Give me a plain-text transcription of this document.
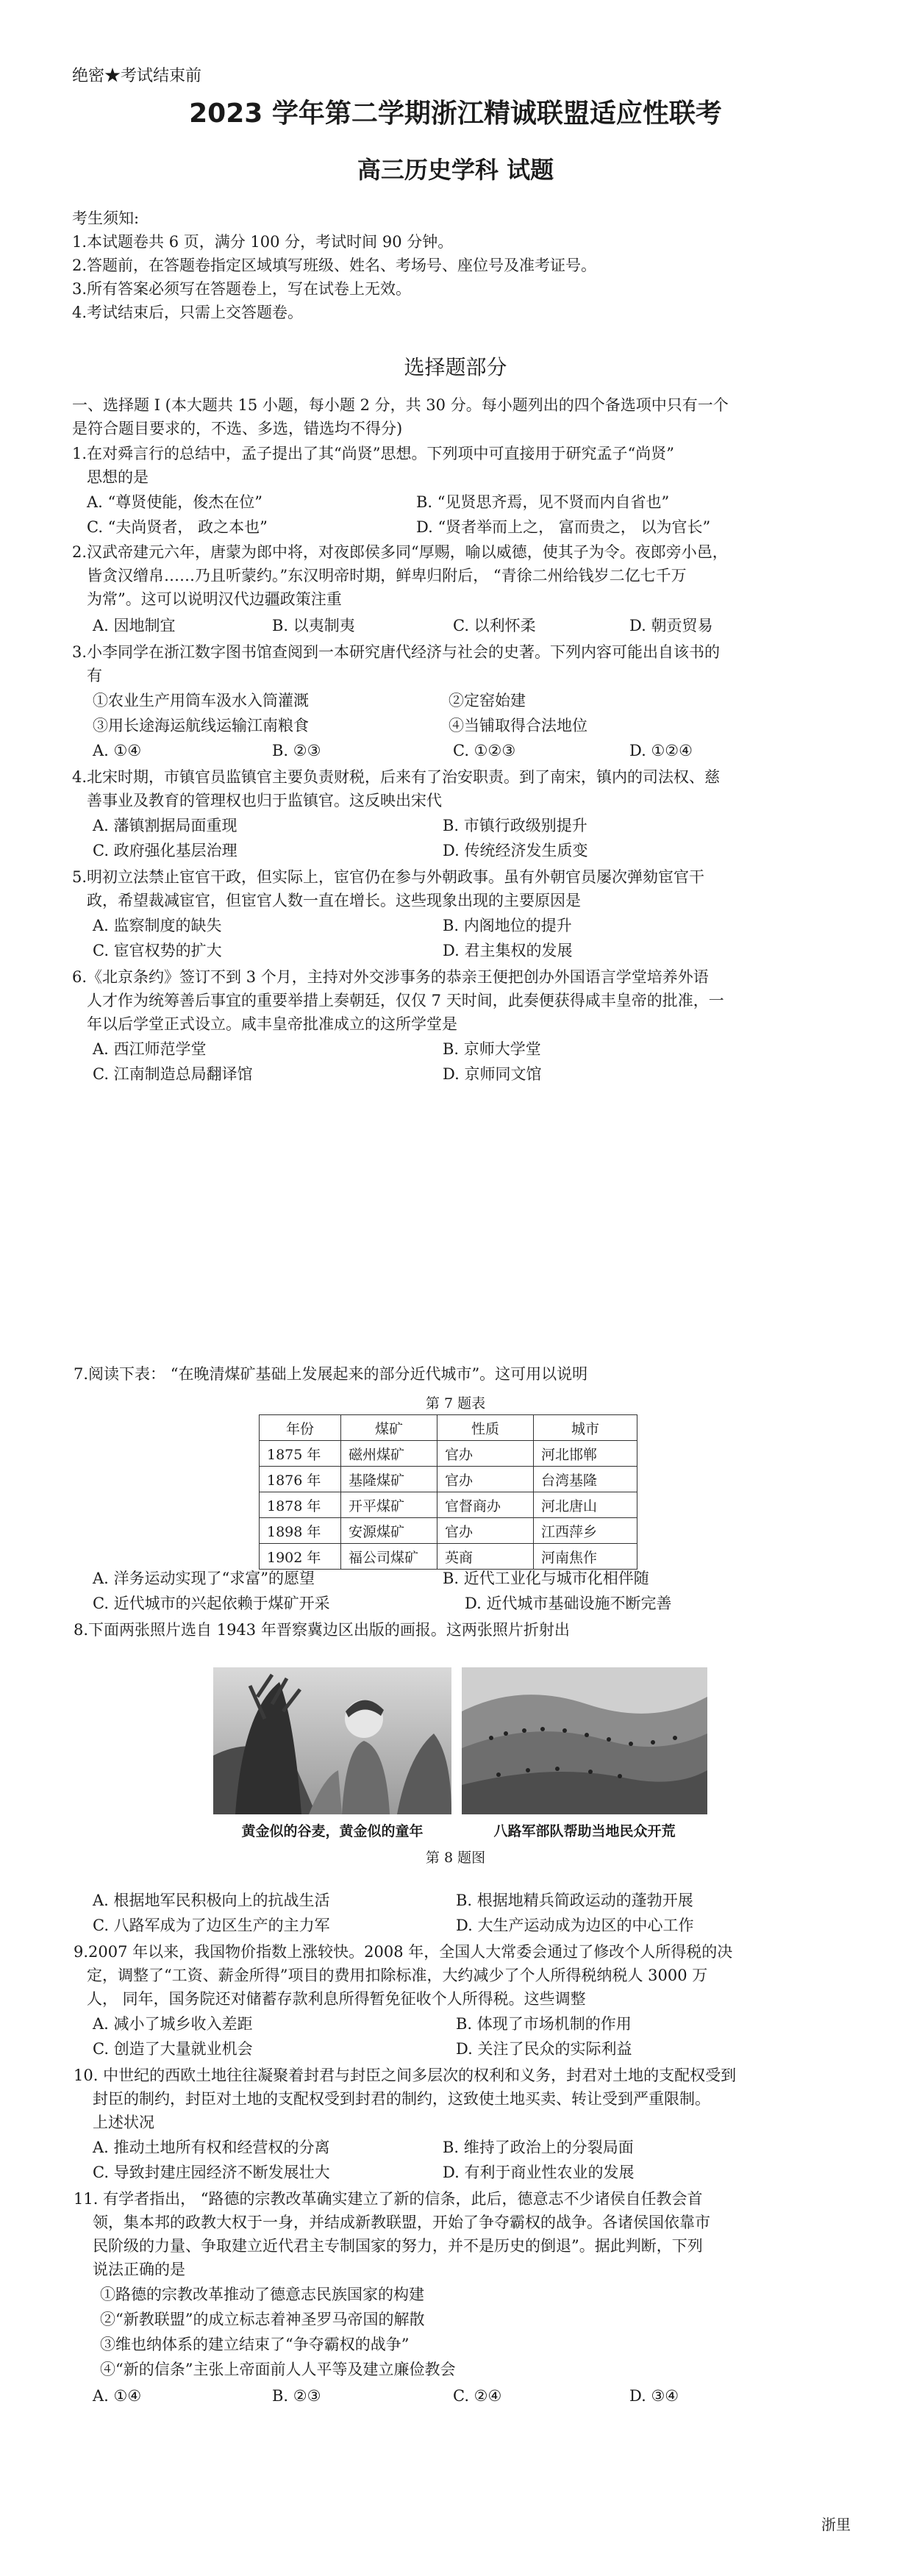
绝密★考试结束前
2023 学年第二学期浙江精诚联盟适应性联考
高三历史学科 试题
考生须知:
1.本试题卷共 6 页，满分 100 分，考试时间 90 分钟。
2.答题前，在答题卷指定区域填写班级、姓名、考场号、座位号及准考证号。
3.所有答案必须写在答题卷上，写在试卷上无效。
4.考试结束后，只需上交答题卷。
选择题部分
一、选择题 I (本大题共 15 小题，每小题 2 分，共 30 分。每小题列出的四个备选项中只有一个
是符合题目要求的，不选、多选，错选均不得分)
1.在对舜言行的总结中，孟子提出了其“尚贤”思想。下列项中可直接用于研究孟子“尚贤”
思想的是
A. “尊贤使能，俊杰在位”	B. “见贤思齐焉，见不贤而内自省也”
C. “夫尚贤者， 政之本也”	D. “贤者举而上之， 富而贵之， 以为官长”
2.汉武帝建元六年，唐蒙为郎中将，对夜郎侯多同“厚赐，喻以威德，使其子为令。夜郎旁小邑，
皆贪汉缯帛……乃且听蒙约。”东汉明帝时期，鲜卑归附后， “青徐二州给钱岁二亿七千万
为常”。这可以说明汉代边疆政策注重
A. 因地制宜	B. 以夷制夷	C. 以利怀柔	D. 朝贡贸易
3.小李同学在浙江数字图书馆查阅到一本研究唐代经济与社会的史著。下列内容可能出自该书的
有
①农业生产用筒车汲水入筒灌溉	②定窑始建
③用长途海运航线运输江南粮食	④当铺取得合法地位
A. ①④	B. ②③	C. ①②③	D. ①②④
4.北宋时期，市镇官员监镇官主要负责财税，后来有了治安职责。到了南宋，镇内的司法权、慈
善事业及教育的管理权也归于监镇官。这反映出宋代
A. 藩镇割据局面重现	B. 市镇行政级别提升
C. 政府强化基层治理	D. 传统经济发生质变
5.明初立法禁止宦官干政，但实际上，宦官仍在参与外朝政事。虽有外朝官员屡次弹劾宦官干
政，希望裁减宦官，但宦官人数一直在增长。这些现象出现的主要原因是
A. 监察制度的缺失	B. 内阁地位的提升
C. 宦官权势的扩大	D. 君主集权的发展
6.《北京条约》签订不到 3 个月，主持对外交涉事务的恭亲王便把创办外国语言学堂培养外语
人才作为统筹善后事宜的重要举措上奏朝廷，仅仅 7 天时间，此奏便获得咸丰皇帝的批准，一
年以后学堂正式设立。咸丰皇帝批准成立的这所学堂是
A. 西江师范学堂	B. 京师大学堂
C. 江南制造总局翻译馆	D. 京师同文馆
7.阅读下表： “在晚清煤矿基础上发展起来的部分近代城市”。这可用以说明
第 7 题表
年份	煤矿	性质	城市
1875 年	磁州煤矿	官办	河北邯郸
1876 年	基隆煤矿	官办	台湾基隆
1878 年	开平煤矿	官督商办	河北唐山
1898 年	安源煤矿	官办	江西萍乡
1902 年	福公司煤矿	英商	河南焦作
A. 洋务运动实现了“求富”的愿望	B. 近代工业化与城市化相伴随
C. 近代城市的兴起依赖于煤矿开采	D. 近代城市基础设施不断完善
8.下面两张照片选自 1943 年晋察冀边区出版的画报。这两张照片折射出
黄金似的谷麦，黄金似的童年	八路军部队帮助当地民众开荒
第 8 题图
A. 根据地军民积极向上的抗战生活	B. 根据地精兵简政运动的蓬勃开展
C. 八路军成为了边区生产的主力军	D. 大生产运动成为边区的中心工作
9.2007 年以来，我国物价指数上涨较快。2008 年，全国人大常委会通过了修改个人所得税的决
定，调整了“工资、薪金所得”项目的费用扣除标准，大约减少了个人所得税纳税人 3000 万
人， 同年，国务院还对储蓄存款利息所得暂免征收个人所得税。这些调整
A. 减小了城乡收入差距	B. 体现了市场机制的作用
C. 创造了大量就业机会	D. 关注了民众的实际利益
10. 中世纪的西欧土地往往凝聚着封君与封臣之间多层次的权利和义务，封君对土地的支配权受到
封臣的制约，封臣对土地的支配权受到封君的制约，这致使土地买卖、转让受到严重限制。
上述状况
A. 推动土地所有权和经营权的分离	B. 维持了政治上的分裂局面
C. 导致封建庄园经济不断发展壮大	D. 有利于商业性农业的发展
11. 有学者指出， “路德的宗教改革确实建立了新的信条，此后，德意志不少诸侯自任教会首
领，集本邦的政教大权于一身，并结成新教联盟，开始了争夺霸权的战争。各诸侯国依靠市
民阶级的力量、争取建立近代君主专制国家的努力，并不是历史的倒退”。据此判断，下列
说法正确的是
①路德的宗教改革推动了德意志民族国家的构建
②“新教联盟”的成立标志着神圣罗马帝国的解散
③维也纳体系的建立结束了“争夺霸权的战争”
④“新的信条”主张上帝面前人人平等及建立廉俭教会
A. ①④	B. ②③	C. ②④	D. ③④
浙里
